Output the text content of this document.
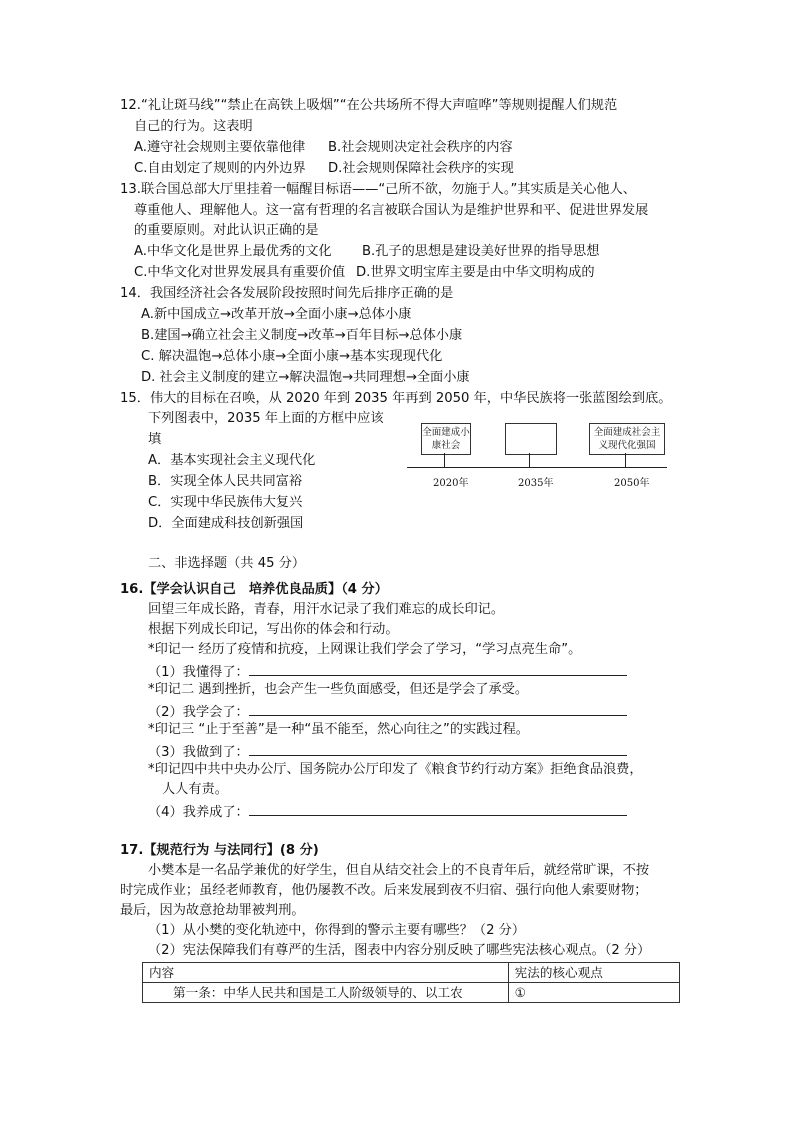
12.“礼让斑马线”“禁止在高铁上吸烟”“在公共场所不得大声喧哗”等规则提醒人们规范
自己的行为。这表明
A.遵守社会规则主要依靠他律 B.社会规则决定社会秩序的内容
C.自由划定了规则的内外边界 D.社会规则保障社会秩序的实现
13.联合国总部大厅里挂着一幅醒目标语——“己所不欲，勿施于人。”其实质是关心他人、
尊重他人、理解他人。这一富有哲理的名言被联合国认为是维护世界和平、促进世界发展
的重要原则。对此认识正确的是
A.中华文化是世界上最优秀的文化 B.孔子的思想是建设美好世界的指导思想
C.中华文化对世界发展具有重要价值 D.世界文明宝库主要是由中华文明构成的
14．我国经济社会各发展阶段按照时间先后排序正确的是
A.新中国成立→改革开放→全面小康→总体小康
B.建国→确立社会主义制度→改革→百年目标→总体小康
C. 解决温饱→总体小康→全面小康→基本实现现代化
D. 社会主义制度的建立→解决温饱→共同理想→全面小康
15．伟大的目标在召唤，从 2020 年到 2035 年再到 2050 年，中华民族将一张蓝图绘到底。
下列图表中，2035 年上面的方框中应该
填
A．基本实现社会主义现代化
B．实现全体人民共同富裕
C．实现中华民族伟大复兴
D．全面建成科技创新强国
全面建成小康社会
全面建成社会主义现代化强国
2020年	2035年	2050年
二、非选择题（共 45 分）
16.【学会认识自己　培养优良品质】（4 分）
回望三年成长路，青春，用汗水记录了我们难忘的成长印记。
根据下列成长印记，写出你的体会和行动。
*印记一 经历了疫情和抗疫，上网课让我们学会了学习，“学习点亮生命”。
（1）我懂得了：
*印记二 遇到挫折，也会产生一些负面感受，但还是学会了承受。
（2）我学会了：
*印记三 “止于至善”是一种“虽不能至，然心向往之”的实践过程。
（3）我做到了：
*印记四中共中央办公厅、国务院办公厅印发了《粮食节约行动方案》拒绝食品浪费，
人人有责。
（4）我养成了：
17.【规范行为 与法同行】(8 分)
小樊本是一名品学兼优的好学生，但自从结交社会上的不良青年后，就经常旷课，不按
时完成作业；虽经老师教育，他仍屡教不改。后来发展到夜不归宿、强行向他人索要财物；
最后，因为故意抢劫罪被判刑。
（1）从小樊的变化轨迹中，你得到的警示主要有哪些？（2 分）
（2）宪法保障我们有尊严的生活，图表中内容分别反映了哪些宪法核心观点。（2 分）
内容	宪法的核心观点
第一条：中华人民共和国是工人阶级领导的、以工农	①
